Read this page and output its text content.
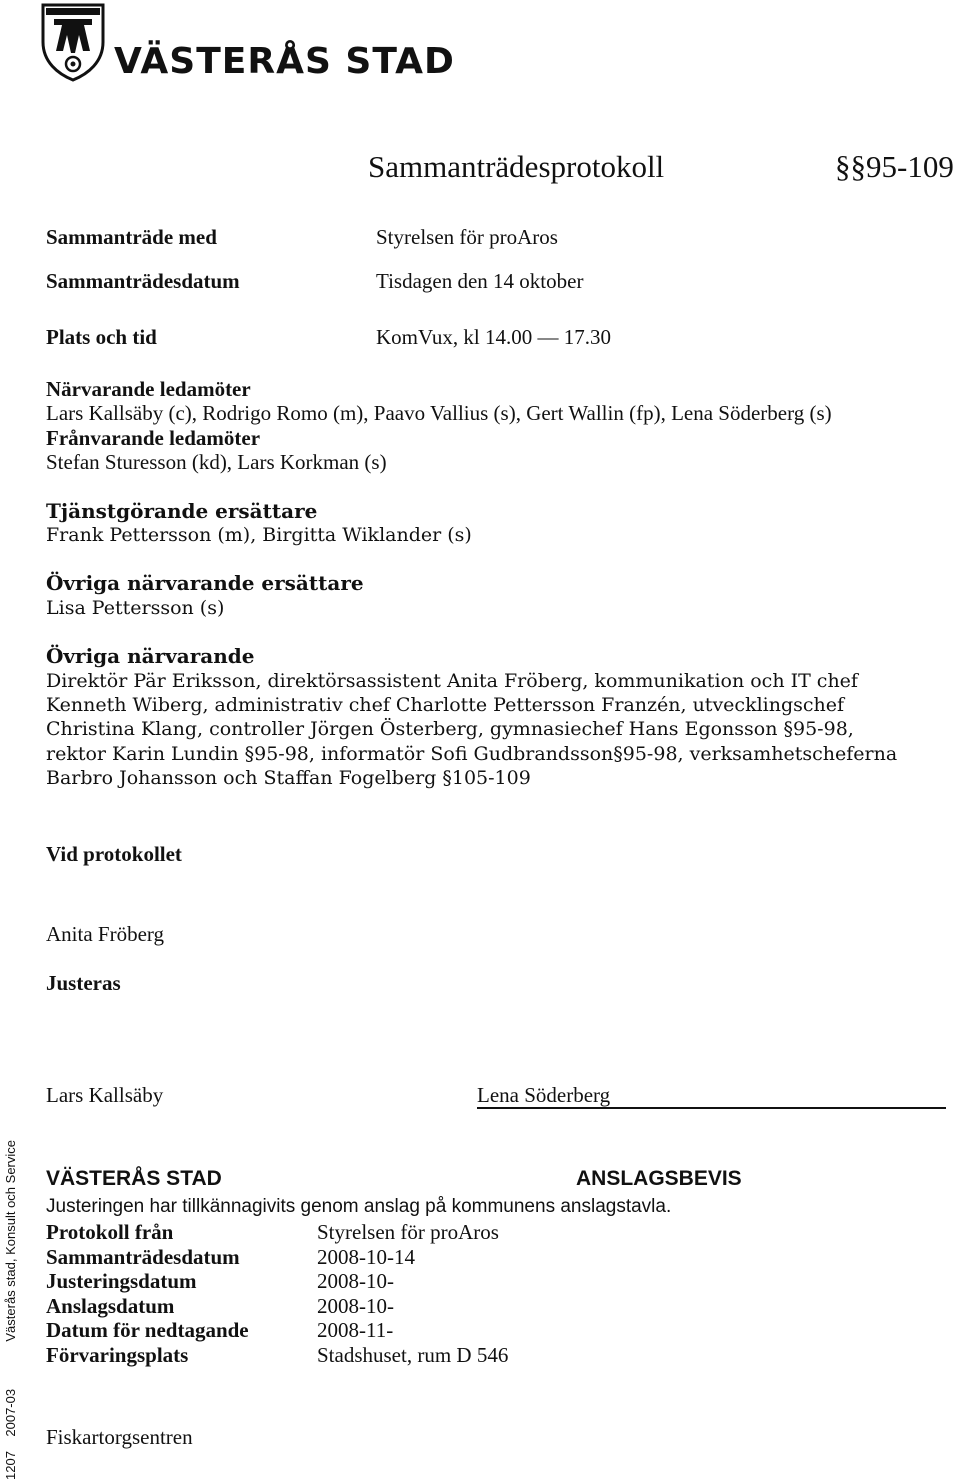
VÄSTERÅS STAD
Sammanträdesprotokoll	§§95-109
Sammanträde med	Styrelsen för proAros
Sammanträdesdatum	Tisdagen den 14 oktober
Plats och tid	KomVux, kl 14.00 — 17.30

Närvarande ledamöter

Lars Kallsäby (c), Rodrigo Romo (m), Paavo Vallius (s), Gert Wallin (fp), Lena Söderberg (s)

Frånvarande ledamöter

Stefan Sturesson (kd), Lars Korkman (s)

Tjänstgörande ersättare

Frank Pettersson (m), Birgitta Wiklander (s)

Övriga närvarande ersättare

Lisa Pettersson (s)

Övriga närvarande

Direktör Pär Eriksson, direktörsassistent Anita Fröberg, kommunikation och IT chef Kenneth Wiberg, administrativ chef Charlotte Pettersson Franzén, utvecklingschef Christina Klang, controller Jörgen Österberg, gymnasiechef Hans Egonsson §95-98, rektor Karin Lundin §95-98, informatör Sofi Gudbrandsson§95-98, verksamhetscheferna Barbro Johansson och Staffan Fogelberg §105-109

Vid protokollet
Anita Fröberg
Justeras
Lars Kallsäby	Lena Söderberg
1207    2007-03
Västerås stad, Konsult och Service VÄSTERÅS STAD	ANSLAGSBEVIS
Justeringen har tillkännagivits genom anslag på kommunens anslagstavla.
Protokoll från	Styrelsen för proAros
Sammanträdesdatum	2008-10-14
Justeringsdatum	2008-10-
Anslagsdatum	2008-10-
Datum för nedtagande	2008-11-
Förvaringsplats	Stadshuset, rum D 546
Fiskartorgsentren
